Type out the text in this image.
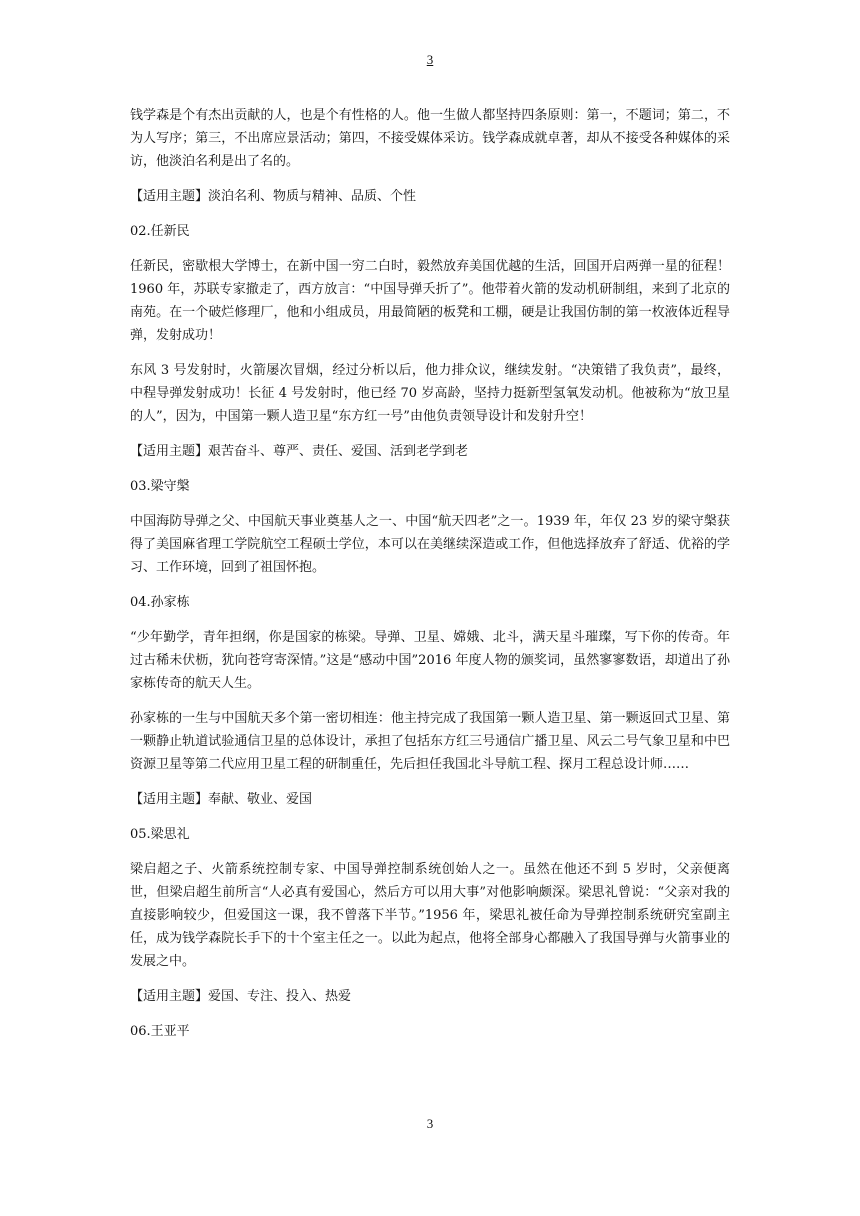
3

钱学森是个有杰出贡献的人，也是个有性格的人。他一生做人都坚持四条原则：第一，不题词；第二，不为人写序；第三，不出席应景活动；第四，不接受媒体采访。钱学森成就卓著，却从不接受各种媒体的采访，他淡泊名利是出了名的。

【适用主题】淡泊名利、物质与精神、品质、个性

02.任新民

任新民，密歇根大学博士，在新中国一穷二白时，毅然放弃美国优越的生活，回国开启两弹一星的征程！1960 年，苏联专家撤走了，西方放言：“中国导弹夭折了”。他带着火箭的发动机研制组，来到了北京的南苑。在一个破烂修理厂，他和小组成员，用最简陋的板凳和工棚，硬是让我国仿制的第一枚液体近程导弹，发射成功！

东风 3 号发射时，火箭屡次冒烟，经过分析以后，他力排众议，继续发射。“决策错了我负责”，最终，中程导弹发射成功！长征 4 号发射时，他已经 70 岁高龄，坚持力挺新型氢氧发动机。他被称为“放卫星的人”，因为，中国第一颗人造卫星“东方红一号”由他负责领导设计和发射升空！

【适用主题】艰苦奋斗、尊严、责任、爱国、活到老学到老

03.梁守槃

中国海防导弹之父、中国航天事业奠基人之一、中国“航天四老”之一。1939 年，年仅 23 岁的梁守槃获得了美国麻省理工学院航空工程硕士学位，本可以在美继续深造或工作，但他选择放弃了舒适、优裕的学习、工作环境，回到了祖国怀抱。

04.孙家栋

“少年勤学，青年担纲，你是国家的栋梁。导弹、卫星、嫦娥、北斗，满天星斗璀璨，写下你的传奇。年过古稀未伏枥，犹向苍穹寄深情。”这是“感动中国”2016 年度人物的颁奖词，虽然寥寥数语，却道出了孙家栋传奇的航天人生。

孙家栋的一生与中国航天多个第一密切相连：他主持完成了我国第一颗人造卫星、第一颗返回式卫星、第一颗静止轨道试验通信卫星的总体设计，承担了包括东方红三号通信广播卫星、风云二号气象卫星和中巴资源卫星等第二代应用卫星工程的研制重任，先后担任我国北斗导航工程、探月工程总设计师……

【适用主题】奉献、敬业、爱国

05.梁思礼

梁启超之子、火箭系统控制专家、中国导弹控制系统创始人之一。虽然在他还不到 5 岁时，父亲便离世，但梁启超生前所言“人必真有爱国心，然后方可以用大事”对他影响颇深。梁思礼曾说：“父亲对我的直接影响较少，但爱国这一课，我不曾落下半节。”1956 年，梁思礼被任命为导弹控制系统研究室副主任，成为钱学森院长手下的十个室主任之一。以此为起点，他将全部身心都融入了我国导弹与火箭事业的发展之中。

【适用主题】爱国、专注、投入、热爱

06.王亚平

3
